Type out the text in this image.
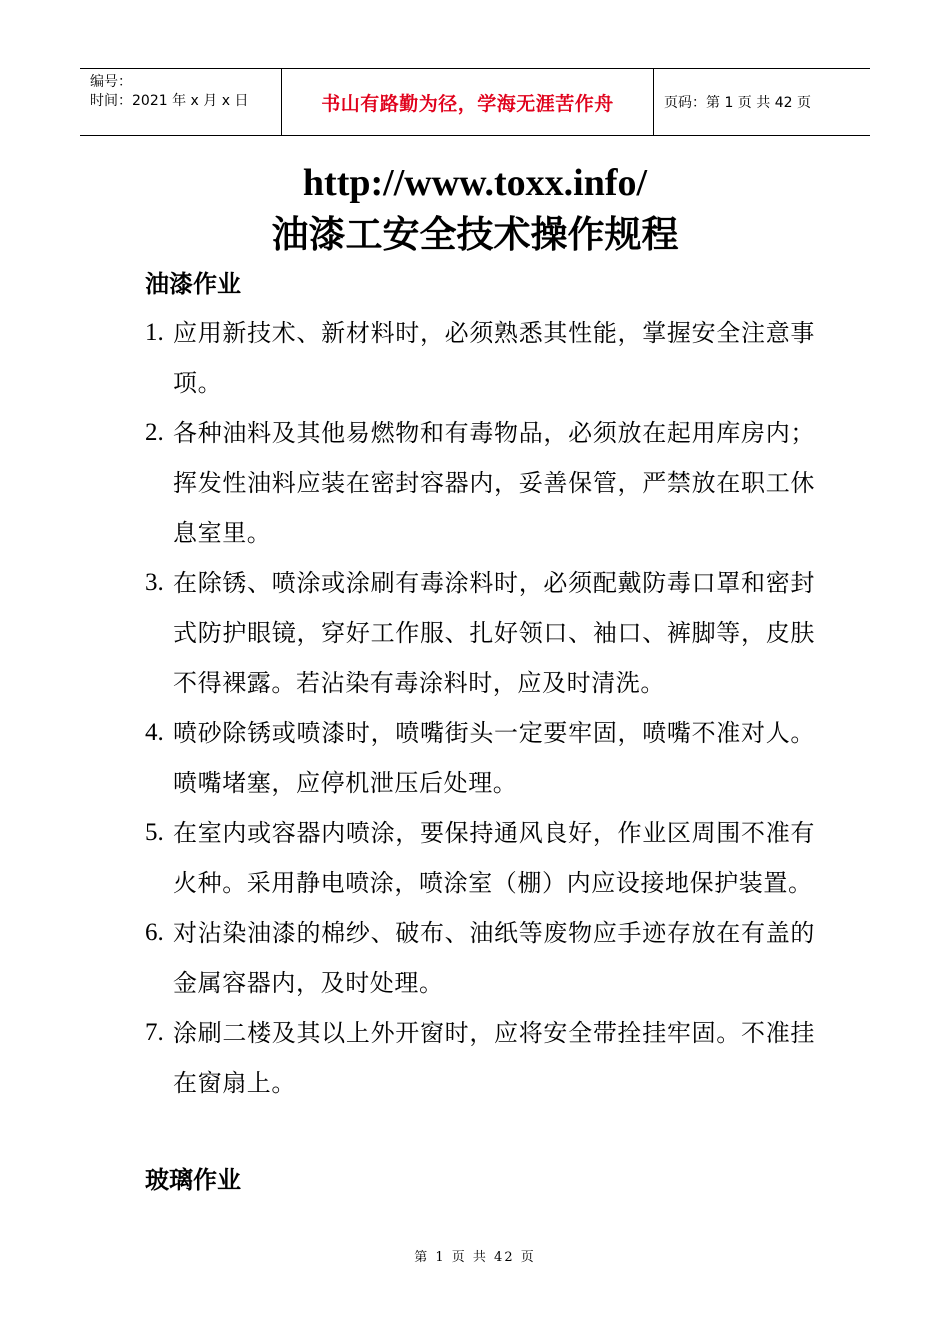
编号：
时间：2021 年 x 月 x 日	书山有路勤为径，学海无涯苦作舟	页码：第 1 页 共 42 页
http://www.toxx.info/
油漆工安全技术操作规程
油漆作业
1. 应用新技术、新材料时，必须熟悉其性能，掌握安全注意事项。
2. 各种油料及其他易燃物和有毒物品，必须放在起用库房内；挥发性油料应装在密封容器内，妥善保管，严禁放在职工休息室里。
3. 在除锈、喷涂或涂刷有毒涂料时，必须配戴防毒口罩和密封式防护眼镜，穿好工作服、扎好领口、袖口、裤脚等，皮肤不得裸露。若沾染有毒涂料时，应及时清洗。
4. 喷砂除锈或喷漆时，喷嘴街头一定要牢固，喷嘴不准对人。喷嘴堵塞，应停机泄压后处理。
5. 在室内或容器内喷涂，要保持通风良好，作业区周围不准有火种。采用静电喷涂，喷涂室（棚）内应设接地保护装置。
6. 对沾染油漆的棉纱、破布、油纸等废物应手迹存放在有盖的金属容器内，及时处理。
7. 涂刷二楼及其以上外开窗时，应将安全带拴挂牢固。不准挂在窗扇上。
玻璃作业
第 1 页 共 42 页
